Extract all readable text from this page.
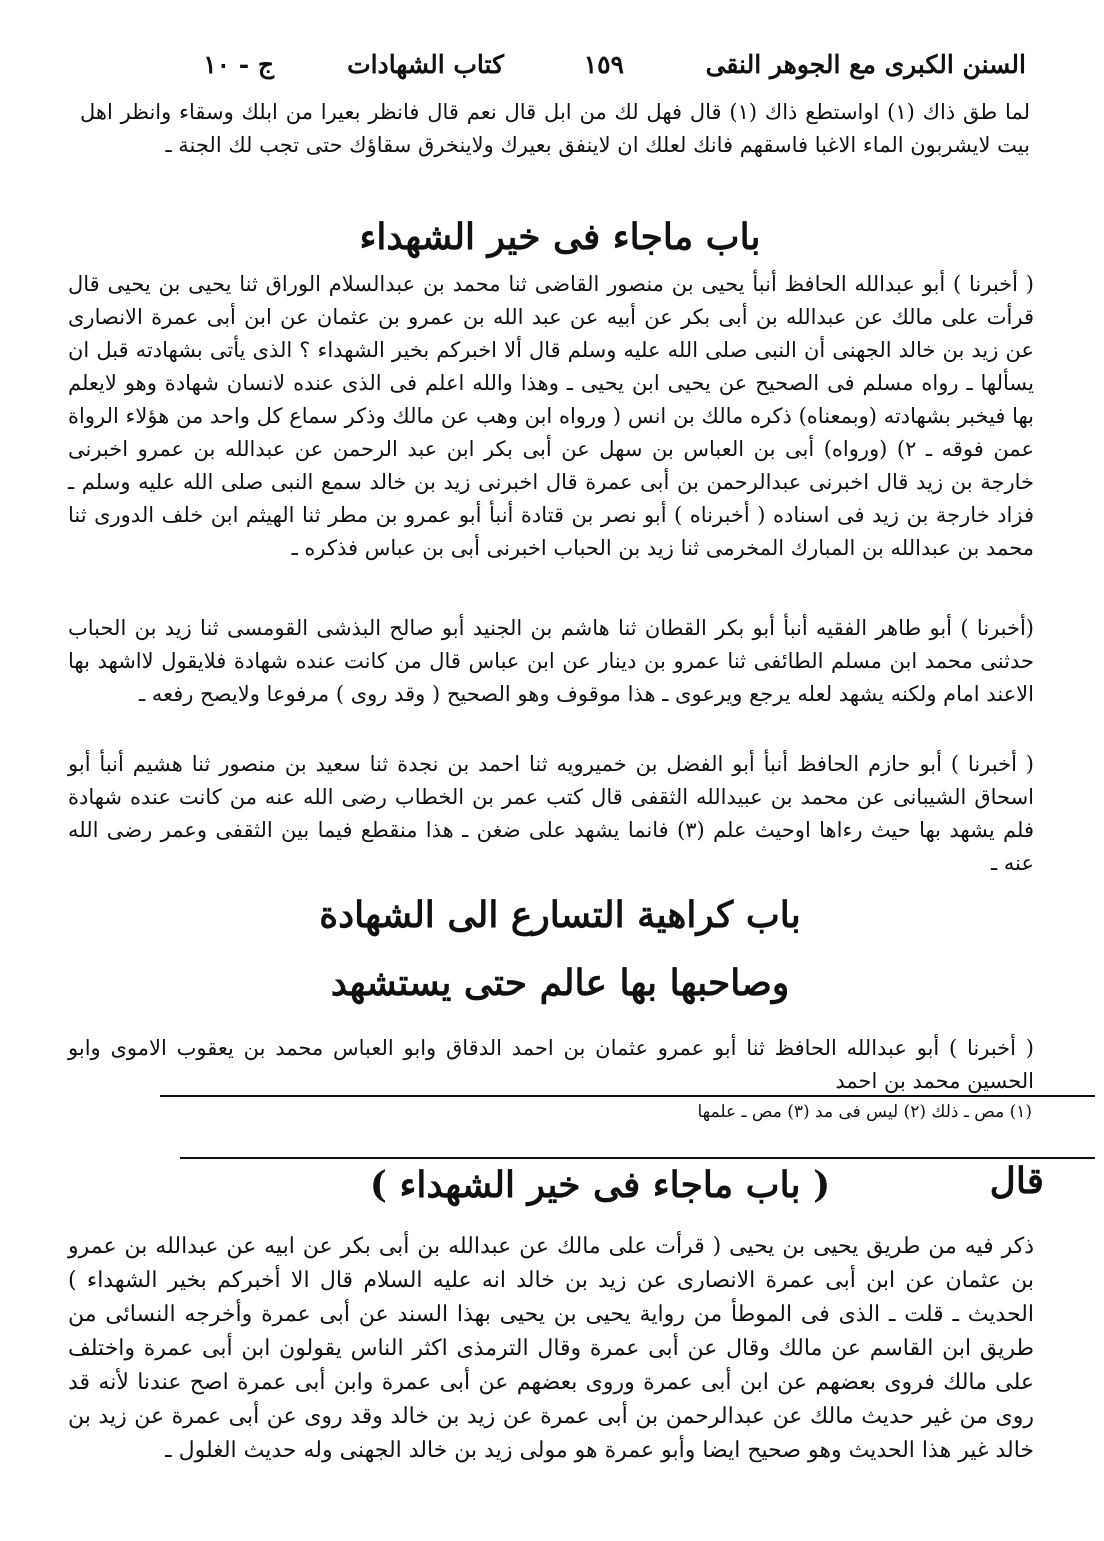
السنن الكبرى مع الجوهر النقى
١٥٩
كتاب الشهادات
ج - ١٠
لما طق ذاك (١) اواستطع ذاك (١) قال فهل لك من ابل قال نعم قال فانظر بعيرا من ابلك وسقاء وانظر اهل بيت لايشربون الماء الاغبا فاسقهم فانك لعلك ان لاينفق بعيرك ولاينخرق سقاؤك حتى تجب لك الجنة ـ
باب ماجاء فى خير الشهداء
( أخبرنا ) أبو عبدالله الحافظ أنبأ يحيى بن منصور القاضى ثنا محمد بن عبدالسلام الوراق ثنا يحيى بن يحيى قال قرأت على مالك عن عبدالله بن أبى بكر عن أبيه عن عبد الله بن عمرو بن عثمان عن ابن أبى عمرة الانصارى عن زيد بن خالد الجهنى أن النبى صلى الله عليه وسلم قال ألا اخبركم بخير الشهداء ؟ الذى يأتى بشهادته قبل ان يسألها ـ رواه مسلم فى الصحيح عن يحيى ابن يحيى ـ وهذا والله اعلم فى الذى عنده لانسان شهادة وهو لايعلم بها فيخبر بشهادته (وبمعناه) ذكره مالك بن انس ( ورواه ابن وهب عن مالك وذكر سماع كل واحد من هؤلاء الرواة عمن فوقه ـ ٢) (ورواه) أبى بن العباس بن سهل عن أبى بكر ابن عبد الرحمن عن عبدالله بن عمرو اخبرنى خارجة بن زيد قال اخبرنى عبدالرحمن بن أبى عمرة قال اخبرنى زيد بن خالد سمع النبى صلى الله عليه وسلم ـ فزاد خارجة بن زيد فى اسناده ( أخبرناه ) أبو نصر بن قتادة أنبأ أبو عمرو بن مطر ثنا الهيثم ابن خلف الدورى ثنا محمد بن عبدالله بن المبارك المخرمى ثنا زيد بن الحباب اخبرنى أبى بن عباس فذكره ـ
(أخبرنا ) أبو طاهر الفقيه أنبأ أبو بكر القطان ثنا هاشم بن الجنيد أبو صالح البذشى القومسى ثنا زيد بن الحباب حدثنى محمد ابن مسلم الطائفى ثنا عمرو بن دينار عن ابن عباس قال من كانت عنده شهادة فلايقول لااشهد بها الاعند امام ولكنه يشهد لعله يرجع ويرعوى ـ هذا موقوف وهو الصحيح ( وقد روى ) مرفوعا ولايصح رفعه ـ
( أخبرنا ) أبو حازم الحافظ أنبأ أبو الفضل بن خميرويه ثنا احمد بن نجدة ثنا سعيد بن منصور ثنا هشيم أنبأ أبو اسحاق الشيبانى عن محمد بن عبيدالله الثقفى قال كتب عمر بن الخطاب رضى الله عنه من كانت عنده شهادة فلم يشهد بها حيث رءاها اوحيث علم (٣) فانما يشهد على ضغن ـ هذا منقطع فيما بين الثقفى وعمر رضى الله عنه ـ
باب كراهية التسارع الى الشهادة
وصاحبها بها عالم حتى يستشهد
( أخبرنا ) أبو عبدالله الحافظ ثنا أبو عمرو عثمان بن احمد الدقاق وابو العباس محمد بن يعقوب الاموى وابو الحسين محمد بن احمد
(١) مص ـ ذلك (٢) ليس فى مد (٣) مص ـ علمها
قال
( باب ماجاء فى خير الشهداء )
ذكر فيه من طريق يحيى بن يحيى ( قرأت على مالك عن عبدالله بن أبى بكر عن ابيه عن عبدالله بن عمرو بن عثمان عن ابن أبى عمرة الانصارى عن زيد بن خالد انه عليه السلام قال الا أخبركم بخير الشهداء ) الحديث ـ قلت ـ الذى فى الموطأ من رواية يحيى بن يحيى بهذا السند عن أبى عمرة وأخرجه النسائى من طريق ابن القاسم عن مالك وقال عن أبى عمرة وقال الترمذى اكثر الناس يقولون ابن أبى عمرة واختلف على مالك فروى بعضهم عن ابن أبى عمرة وروى بعضهم عن أبى عمرة وابن أبى عمرة اصح عندنا لأنه قد روى من غير حديث مالك عن عبدالرحمن بن أبى عمرة عن زيد بن خالد وقد روى عن أبى عمرة عن زيد بن خالد غير هذا الحديث وهو صحيح ايضا وأبو عمرة هو مولى زيد بن خالد الجهنى وله حديث الغلول ـ
